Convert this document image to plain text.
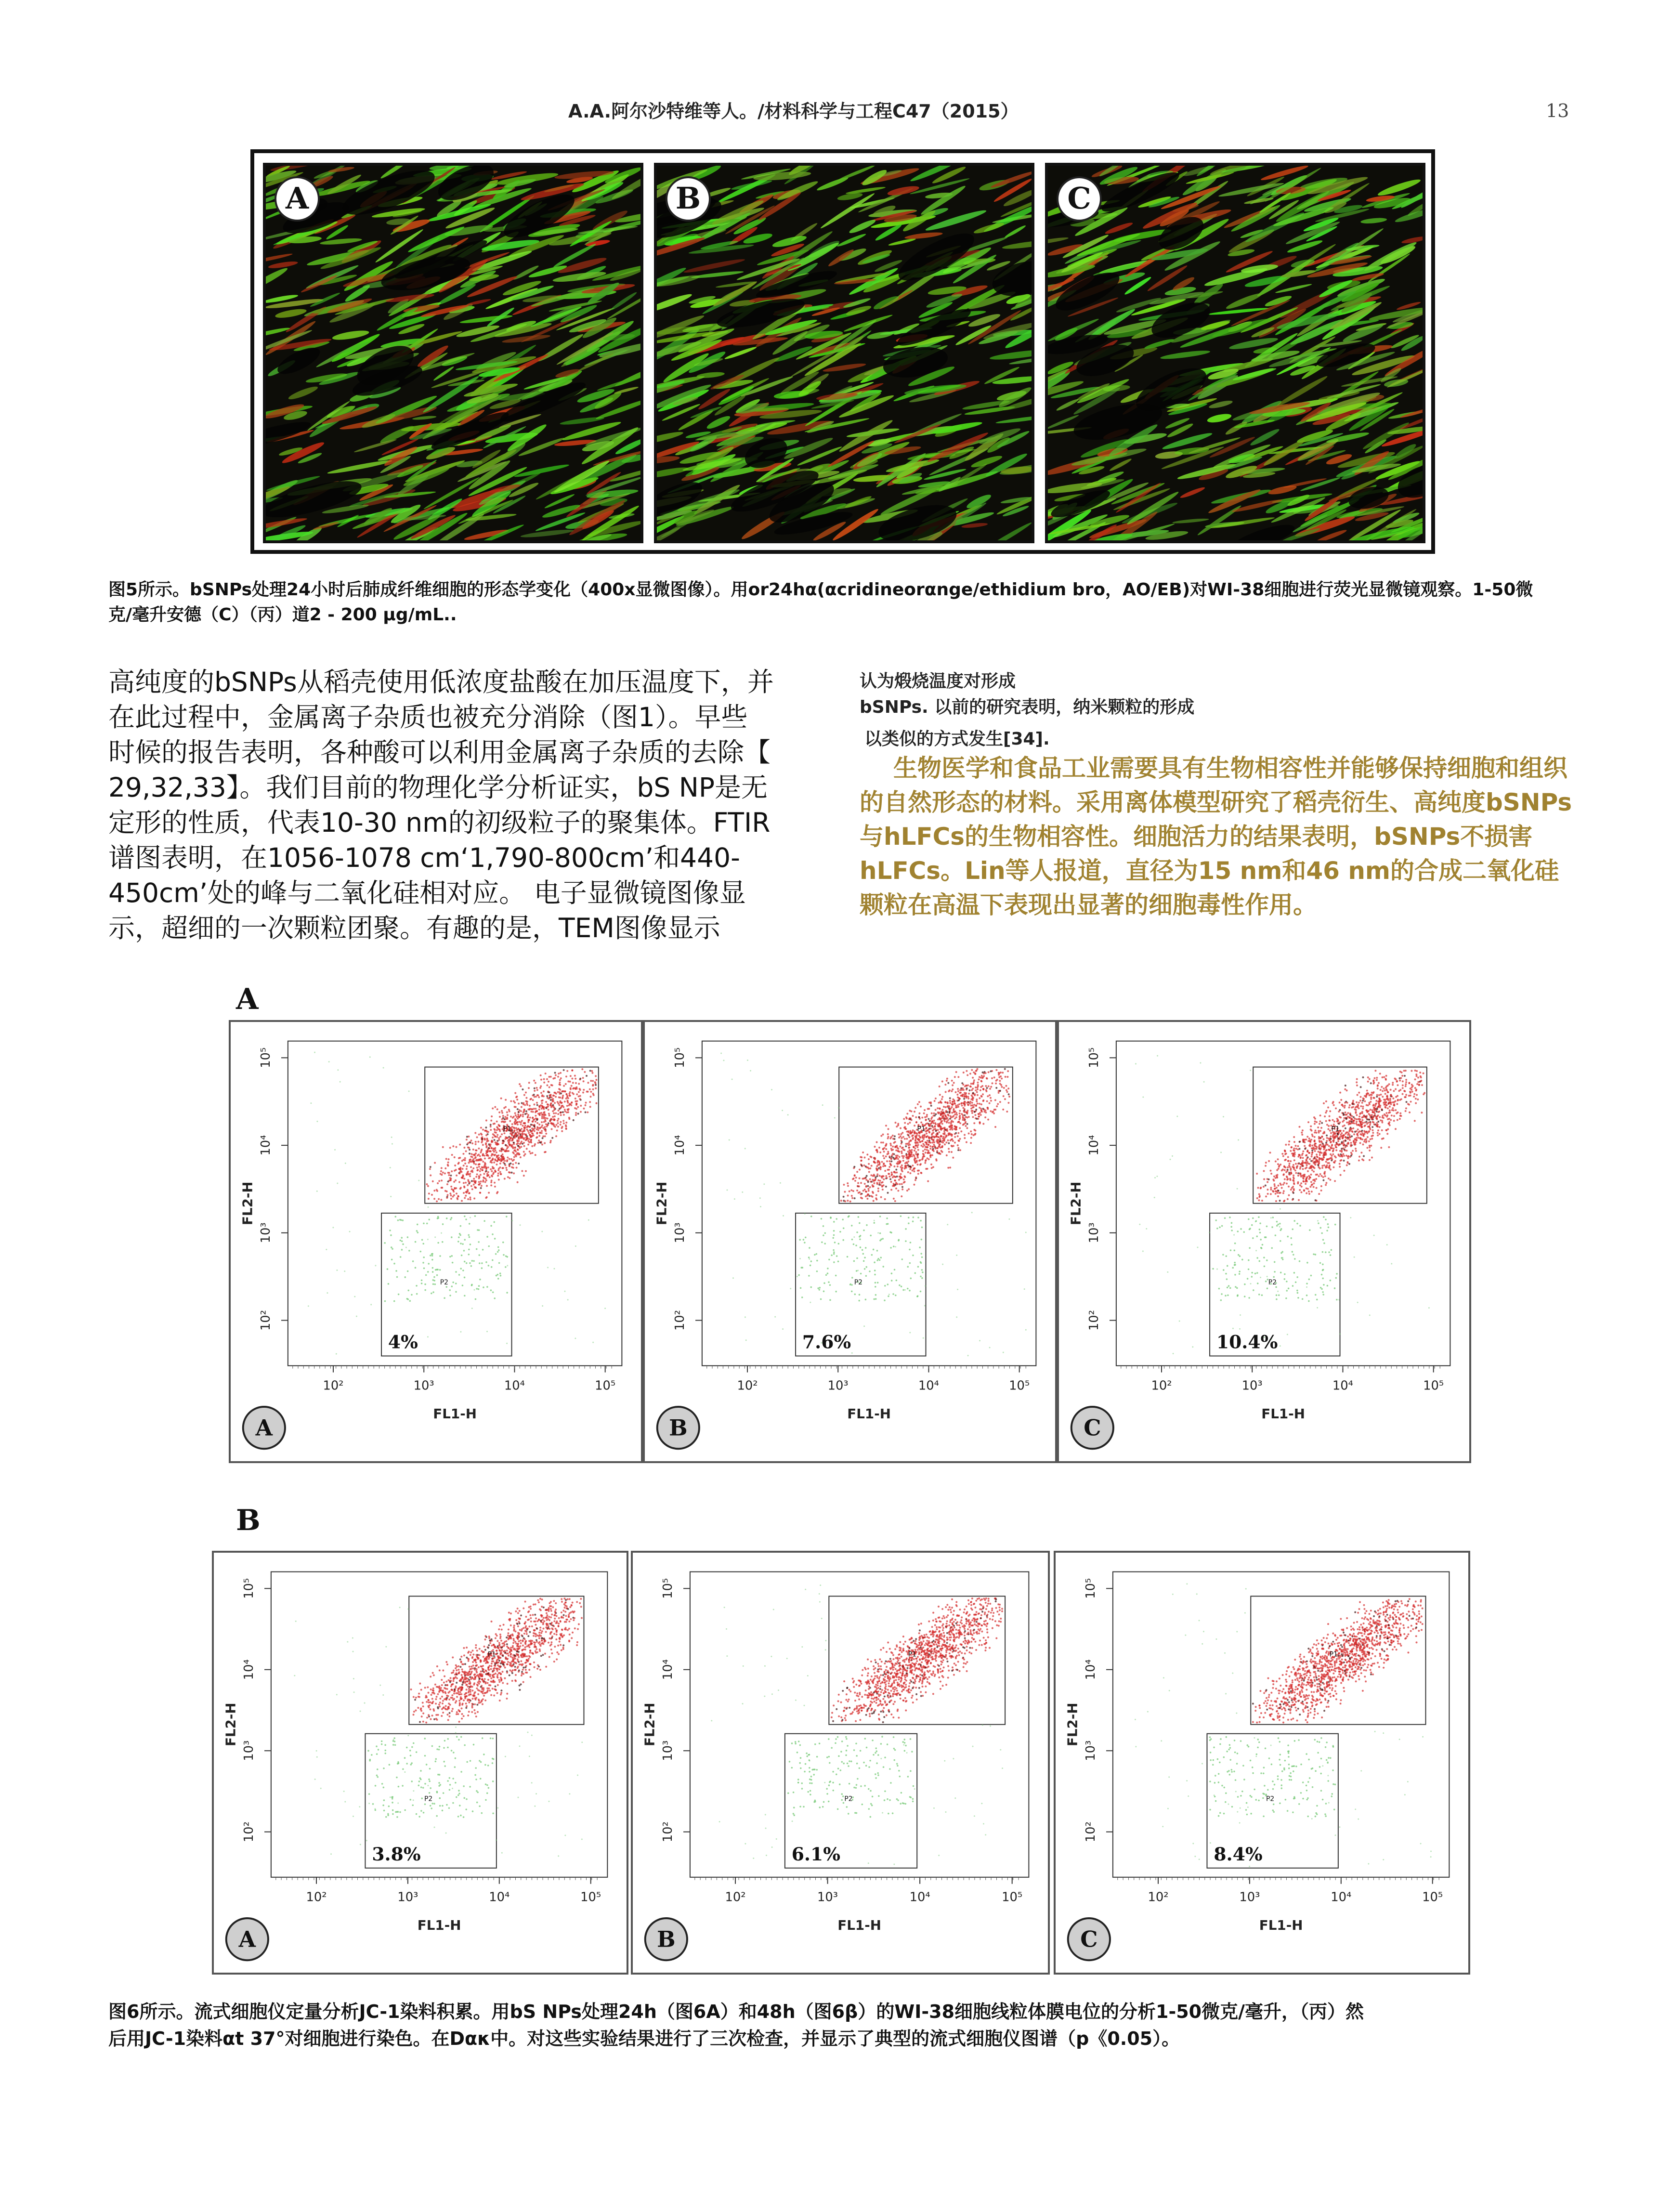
A.A.阿尔沙特维等人。/材料科学与工程C47（2015）	13
A	B	C
图5所示。bSNPs处理24小时后肺成纤维细胞的形态学变化（400x显微图像）。用or24hα(αcridineorαnge/ethidium bro，AO/EB)对WI-38细胞进行荧光显微镜观察。1-50微
克/毫升安德（C）（丙）道2 - 200 μg/mL..
高纯度的bSNPs从稻壳使用低浓度盐酸在加压温度下，并
在此过程中，金属离子杂质也被充分消除（图1）。早些
时候的报告表明，各种酸可以利用金属离子杂质的去除【
29,32,33】。我们目前的物理化学分析证实，bS NP是无
定形的性质，代表10-30 nm的初级粒子的聚集体。FTIR
谱图表明，在1056-1078 cm‘1,790-800cm’和440-
450cm’处的峰与二氧化硅相对应。 电子显微镜图像显
示，超细的一次颗粒团聚。有趣的是，TEM图像显示
认为煅烧温度对形成
bSNPs. 以前的研究表明，纳米颗粒的形成
以类似的方式发生[34].
生物医学和食品工业需要具有生物相容性并能够保持细胞和组织的自然形态的材料。采用离体模型研究了稻壳衍生、高纯度bSNPs与hLFCs的生物相容性。细胞活力的结果表明，bSNPs不损害hLFCs。Lin等人报道，直径为15 nm和46 nm的合成二氧化硅颗粒在高温下表现出显著的细胞毒性作用。
A
10²
10²
10³
10³
10⁴
10⁴
10⁵
10⁵
FL1-H
FL2-H
P1
P2
4%
A
10²
10²
10³
10³
10⁴
10⁴
10⁵
10⁵
FL1-H
FL2-H
P1
P2
7.6%
B
10²
10²
10³
10³
10⁴
10⁴
10⁵
10⁵
FL1-H
FL2-H
P1
P2
10.4%
C
B
10²
10²
10³
10³
10⁴
10⁴
10⁵
10⁵
FL1-H
FL2-H
P1
P2
3.8%
A
10²
10²
10³
10³
10⁴
10⁴
10⁵
10⁵
FL1-H
FL2-H
P1
P2
6.1%
B
10²
10²
10³
10³
10⁴
10⁴
10⁵
10⁵
FL1-H
FL2-H
P1
P2
8.4%
C
图6所示。流式细胞仪定量分析JC-1染料积累。用bS NPs处理24h（图6A）和48h（图6β）的WI-38细胞线粒体膜电位的分析1-50微克/毫升，（丙）然
后用JC-1染料αt 37°对细胞进行染色。在Dακ中。对这些实验结果进行了三次检查，并显示了典型的流式细胞仪图谱（p《0.05）。
